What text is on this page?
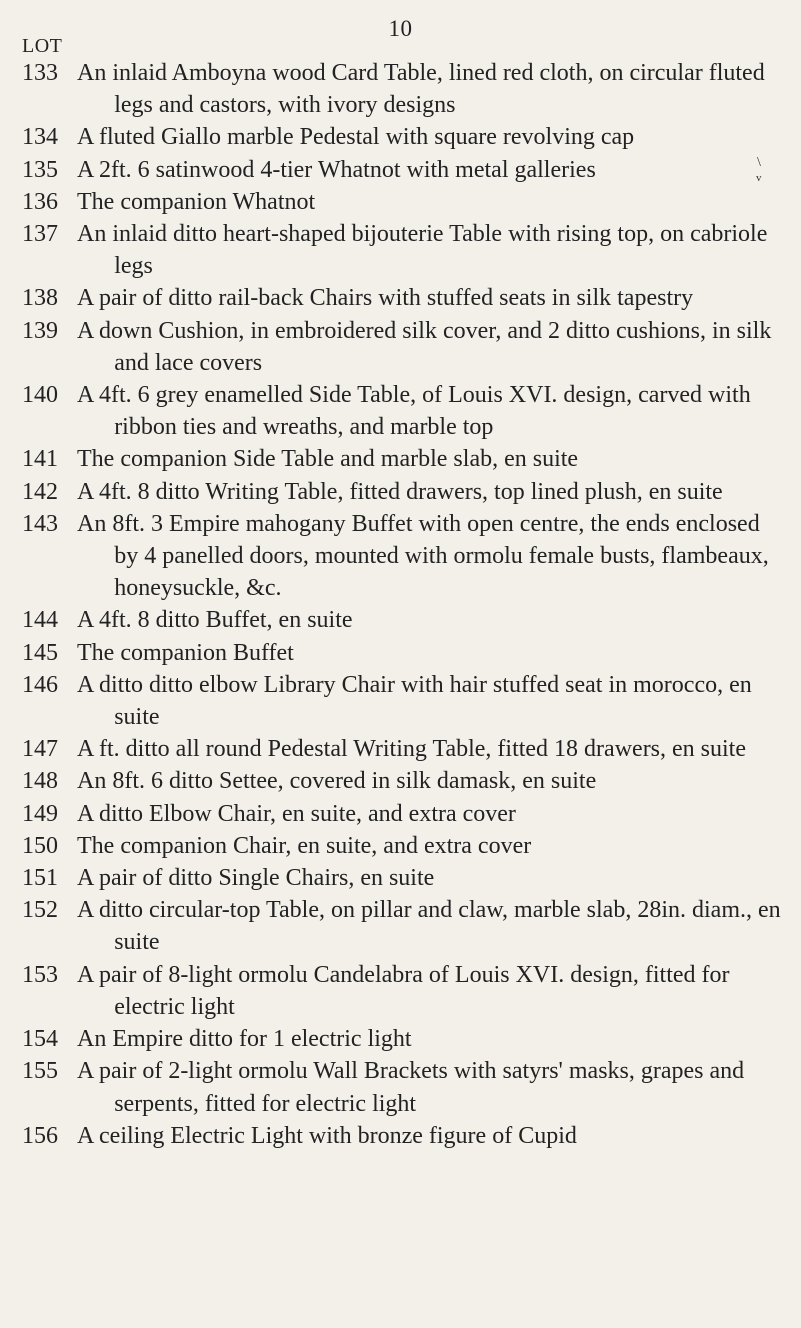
10
LOT
\
v
133 An inlaid Amboyna wood Card Table, lined red cloth, on circular fluted legs and castors, with ivory designs
134 A fluted Giallo marble Pedestal with square revolving cap
135 A 2ft. 6 satinwood 4-tier Whatnot with metal galleries
136 The companion Whatnot
137 An inlaid ditto heart-shaped bijouterie Table with rising top, on cabriole legs
138 A pair of ditto rail-back Chairs with stuffed seats in silk tapestry
139 A down Cushion, in embroidered silk cover, and 2 ditto cushions, in silk and lace covers
140 A 4ft. 6 grey enamelled Side Table, of Louis XVI. design, carved with ribbon ties and wreaths, and marble top
141 The companion Side Table and marble slab, en suite
142 A 4ft. 8 ditto Writing Table, fitted drawers, top lined plush, en suite
143 An 8ft. 3 Empire mahogany Buffet with open centre, the ends enclosed by 4 panelled doors, mounted with ormolu female busts, flambeaux, honeysuckle, &c.
144 A 4ft. 8 ditto Buffet, en suite
145 The companion Buffet
146 A ditto ditto elbow Library Chair with hair stuffed seat in morocco, en suite
147 A ft. ditto all round Pedestal Writing Table, fitted 18 drawers, en suite
148 An 8ft. 6 ditto Settee, covered in silk damask, en suite
149 A ditto Elbow Chair, en suite, and extra cover
150 The companion Chair, en suite, and extra cover
151 A pair of ditto Single Chairs, en suite
152 A ditto circular-top Table, on pillar and claw, marble slab, 28in. diam., en suite
153 A pair of 8-light ormolu Candelabra of Louis XVI. design, fitted for electric light
154 An Empire ditto for 1 electric light
155 A pair of 2-light ormolu Wall Brackets with satyrs' masks, grapes and serpents, fitted for electric light
156 A ceiling Electric Light with bronze figure of Cupid
